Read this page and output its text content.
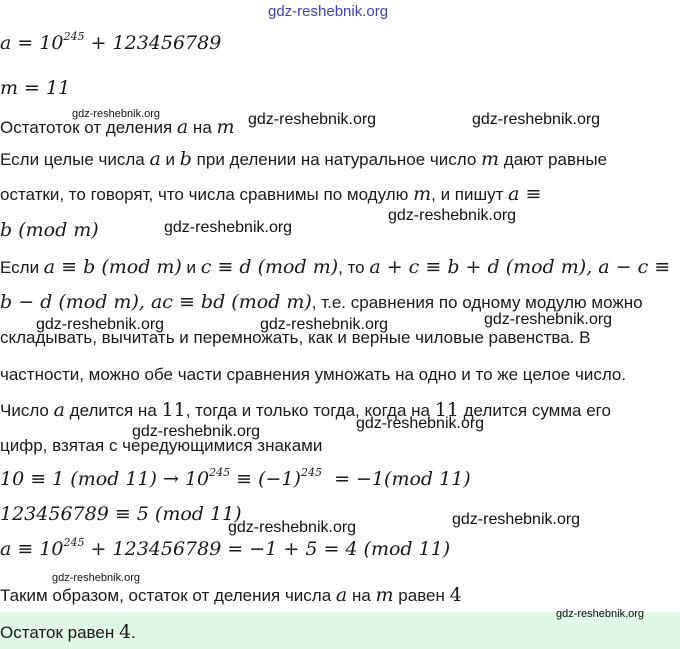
gdz-reshebnik.org
$a = 10^{245} + 123456789$
m = 11
Остатоток от деления a на m
Если целые числа a и b при делении на натуральное число m дают равные
остатки, то говорят, что числа сравнимы по модулю m, и пишут a ≡
b (mod m)
Если a ≡ b (mod m) и c ≡ d (mod m), то a + c ≡ b + d (mod m), a − c ≡
b − d (mod m), ac ≡ bd (mod m), т.е. сравнения по одному модулю можно
складывать, вычитать и перемножать, как и верные чиловые равенства. В
частности, можно обе части сравнения умножать на одно и то же целое число.
Число a делится на 11, тогда и только тогда, когда на 11 делится сумма его
цифр, взятая с чередующимися знаками
10 ≡ 1 (mod $11) \to 10^{245} \equiv (-1)^{245} = -1(mod$ 11)
123456789 ≡ 5 (mod 11)
$a \equiv 10^{245} + 123456789 = -1 + 5 = 4$ (mod 11)
Таким образом, остаток от деления числа a на m равен 4
Остаток равен 4.
gdz-reshebnik.org	gdz-reshebnik.org	gdz-reshebnik.org
gdz-reshebnik.org
gdz-reshebnik.org
gdz-reshebnik.org
gdz-reshebnik.org	gdz-reshebnik.org
gdz-reshebnik.org
gdz-reshebnik.org
gdz-reshebnik.org
gdz-reshebnik.org
gdz-reshebnik.org
gdz-reshebnik.org
